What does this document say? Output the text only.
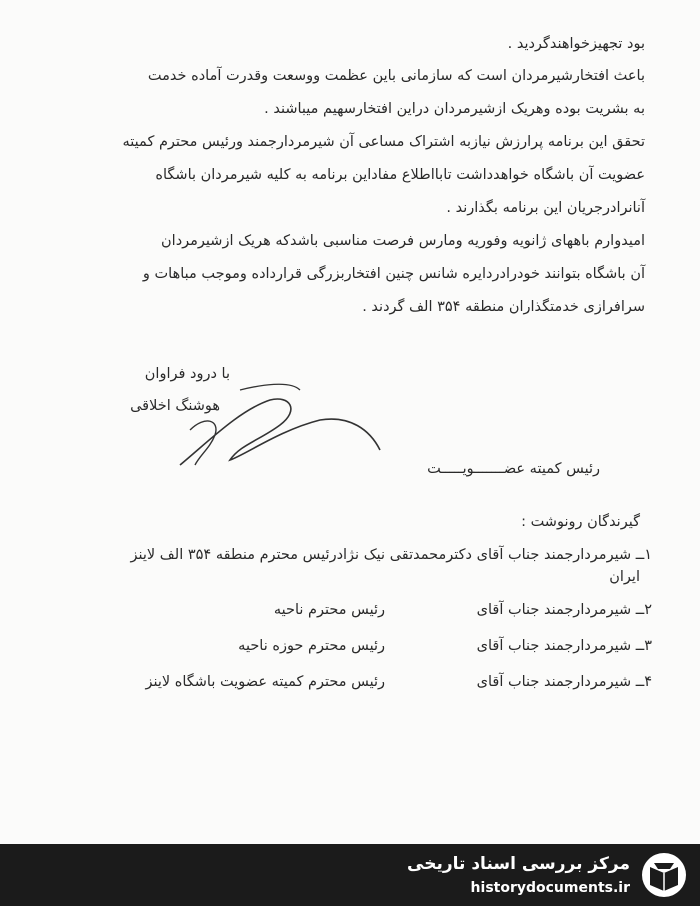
بود تجهیزخواهندگردید .
باعث افتخارشیرمردان است که سازمانی باین عظمت ووسعت وقدرت آماده خدمت
به بشریت بوده وهریک ازشیرمردان دراین افتخارسهیم میباشند .
تحقق این برنامه پرارزش نیازبه اشتراک مساعی آن شیرمردارجمند ورئیس محترم کمیته
عضویت آن باشگاه خواهدداشت تابااطلاع مفاداین برنامه به کلیه شیرمردان باشگاه
آنانرادرجریان این برنامه بگذارند .
امیدوارم باههای ژانویه وفوریه ومارس فرصت مناسبی باشدکه هریک ازشیرمردان
آن باشگاه بتوانند خودرادردایره شانس چنین افتخاربزرگی قرارداده وموجب مباهات و
سرافرازی خدمتگذاران منطقه ۳۵۴ الف گردند .
با درود فراوان
هوشنگ اخلاقی
رئیس کمیته عضـــــــویـــــت
گیرندگان رونوشت :
۱ــ شیرمردارجمند جناب آقای دکترمحمدتقی نیک نژادرئیس محترم منطقه ۳۵۴ الف لاینز
ایران
۲ــ شیرمردارجمند جناب آقای
رئیس محترم ناحیه
۳ــ شیرمردارجمند جناب آقای
رئیس محترم حوزه ناحیه
۴ــ شیرمردارجمند جناب آقای
رئیس محترم کمیته عضویت باشگاه لاینز
مرکز بررسی اسناد تاریخی
historydocuments.ir
